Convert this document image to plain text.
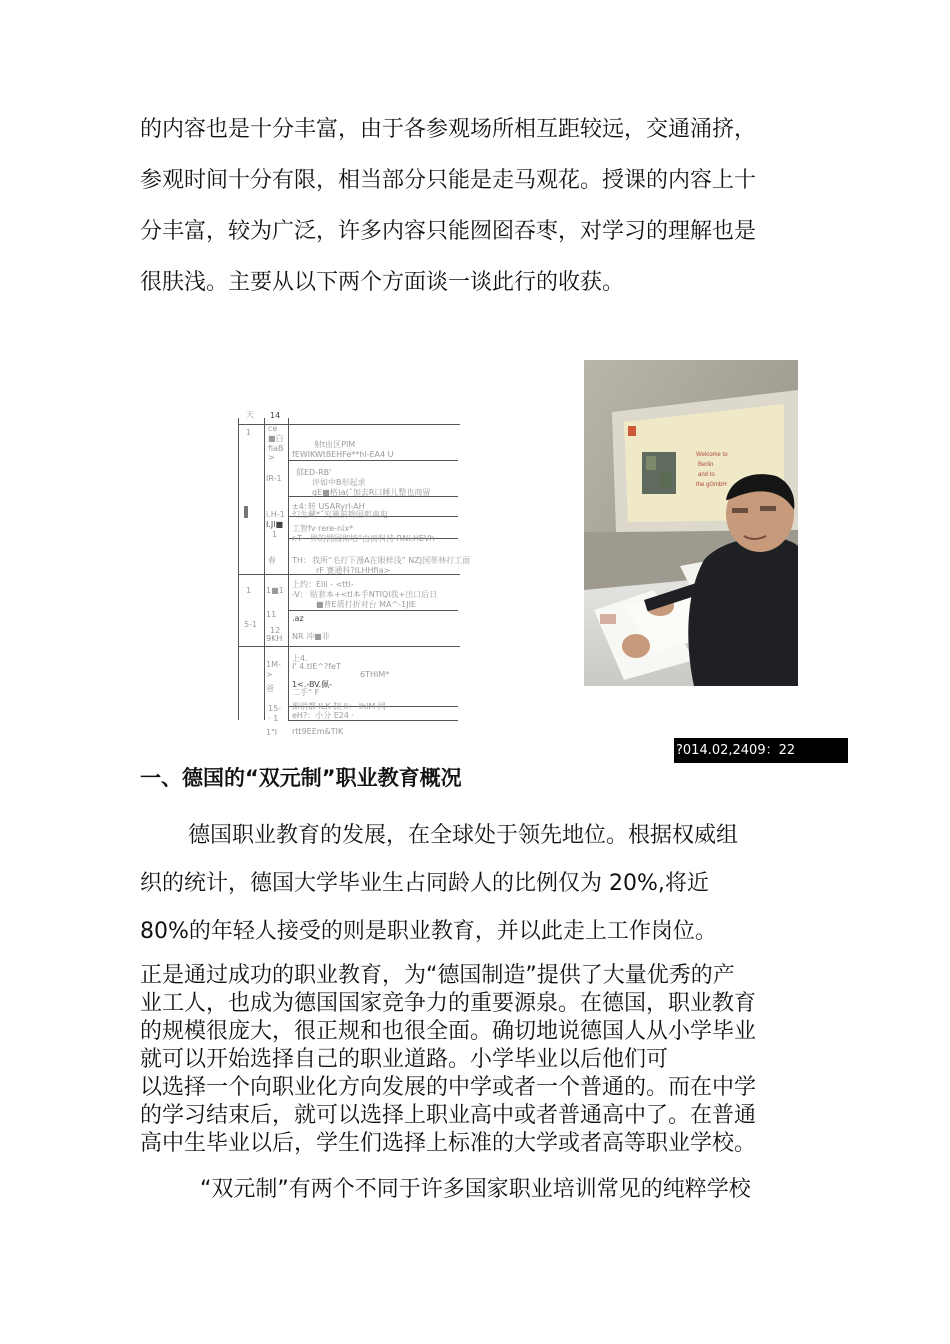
的内容也是十分丰富，由于各参观场所相互距较远，交通涌挤，
参观时间十分有限，相当部分只能是走马观花。授课的内容上十
分丰富，较为广泛，许多内容只能囫囵吞枣，对学习的理解也是
很肤浅。主要从以下两个方面谈一谈此行的收获。
天 14
1 ce
■白
fiaB
>
射t由区PIM
fEWlKWt8EHFe**hl-EA4 U
IR-1
郁ED-RB'
评如中B形起求
gE■格)a(ˇ加去R口睡儿整也商留
±4：
转 USARyrl-AH
幻生藏*ˇ究量前物因彰南电
i.H-1
I.Jl■
1
工智fv·rere-nix*
r.T- 界的拥园彻培“由而科持 RNi.HEVh
春 TH： 我所“毛打下漫A在眼样浅” NZJ国革林打工面
rF 赛通科?ILHHfia>
1 1■1
上约：Elli - <ttl-
-V： 贴套本+<tl本手NTlQI我+出口后日
■普E质打折对台 MA^-1JIE
11
5-1
12
9KH
.az
NR 冲■非
1M-
>
爸
上4.
I' 4.tIE^?feT
6THIM*
1<.-BV.佩-
二手“ F
15-
· 1
1"l
即消都 ILK 制 Ii： lhlM 网
eH?：小分 E24 ·
rtt9EEm&TlK
Welcome to
Berlin
and to
the gGmbH
?014.02,2409：22
一、德国的“双元制”职业教育概况

德国职业教育的发展，在全球处于领先地位。根据权威组

织的统计，德国大学毕业生占同龄人的比例仅为 20%,将近

80%的年轻人接受的则是职业教育，并以此走上工作岗位。

正是通过成功的职业教育，为“德国制造”提供了大量优秀的产
业工人，也成为德国国家竞争力的重要源泉。在德国，职业教育
的规模很庞大，很正规和也很全面。确切地说德国人从小学毕业
就可以开始选择自己的职业道路。小学毕业以后他们可
以选择一个向职业化方向发展的中学或者一个普通的。而在中学
的学习结束后，就可以选择上职业高中或者普通高中了。在普通
高中生毕业以后，学生们选择上标准的大学或者高等职业学校。

“双元制”有两个不同于许多国家职业培训常见的纯粹学校
